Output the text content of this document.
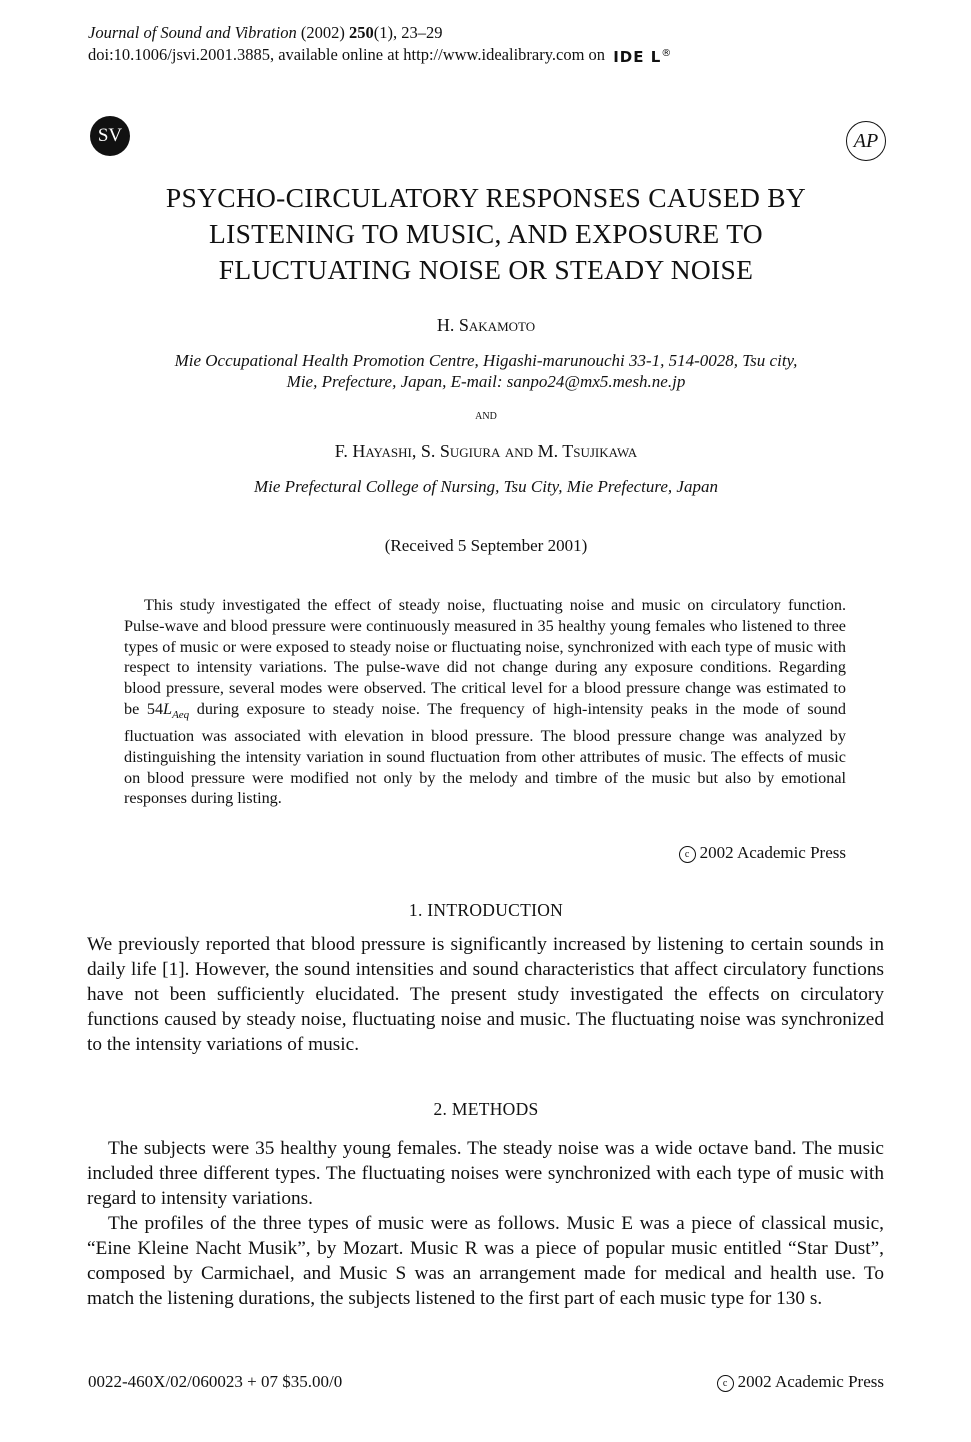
Journal of Sound and Vibration (2002) 250(1), 23–29
doi:10.1006/jsvi.2001.3885, available online at http://www.idealibrary.com on IDE L®
SV	AP
PSYCHO-CIRCULATORY RESPONSES CAUSED BY
LISTENING TO MUSIC, AND EXPOSURE TO
FLUCTUATING NOISE OR STEADY NOISE
H. Sakamoto
Mie Occupational Health Promotion Centre, Higashi-marunouchi 33-1, 514-0028, Tsu city,
Mie, Prefecture, Japan, E-mail: sanpo24@mx5.mesh.ne.jp
and
F. Hayashi, S. Sugiura and M. Tsujikawa
Mie Prefectural College of Nursing, Tsu City, Mie Prefecture, Japan
(Received 5 September 2001)

This study investigated the effect of steady noise, fluctuating noise and music on circulatory function. Pulse-wave and blood pressure were continuously measured in 35 healthy young females who listened to three types of music or were exposed to steady noise or fluctuating noise, synchronized with each type of music with respect to intensity variations. The pulse-wave did not change during any exposure conditions. Regarding blood pressure, several modes were observed. The critical level for a blood pressure change was estimated to be $54L_{Aeq}$ during exposure to steady noise. The frequency of high-intensity peaks in the mode of sound fluctuation was associated with elevation in blood pressure. The blood pressure change was analyzed by distinguishing the intensity variation in sound fluctuation from other attributes of music. The effects of music on blood pressure were modified not only by the melody and timbre of the music but also by emotional responses during listing.

c 2002 Academic Press
1. INTRODUCTION

We previously reported that blood pressure is significantly increased by listening to certain sounds in daily life [1]. However, the sound intensities and sound characteristics that affect circulatory functions have not been sufficiently elucidated. The present study investigated the effects on circulatory functions caused by steady noise, fluctuating noise and music. The fluctuating noise was synchronized to the intensity variations of music.

2. METHODS

The subjects were 35 healthy young females. The steady noise was a wide octave band. The music included three different types. The fluctuating noises were synchronized with each type of music with regard to intensity variations.

The profiles of the three types of music were as follows. Music E was a piece of classical music, “Eine Kleine Nacht Musik”, by Mozart. Music R was a piece of popular music entitled “Star Dust”, composed by Carmichael, and Music S was an arrangement made for medical and health use. To match the listening durations, the subjects listened to the first part of each music type for 130 s.

0022-460X/02/060023 + 07 $35.00/0	c 2002 Academic Press
